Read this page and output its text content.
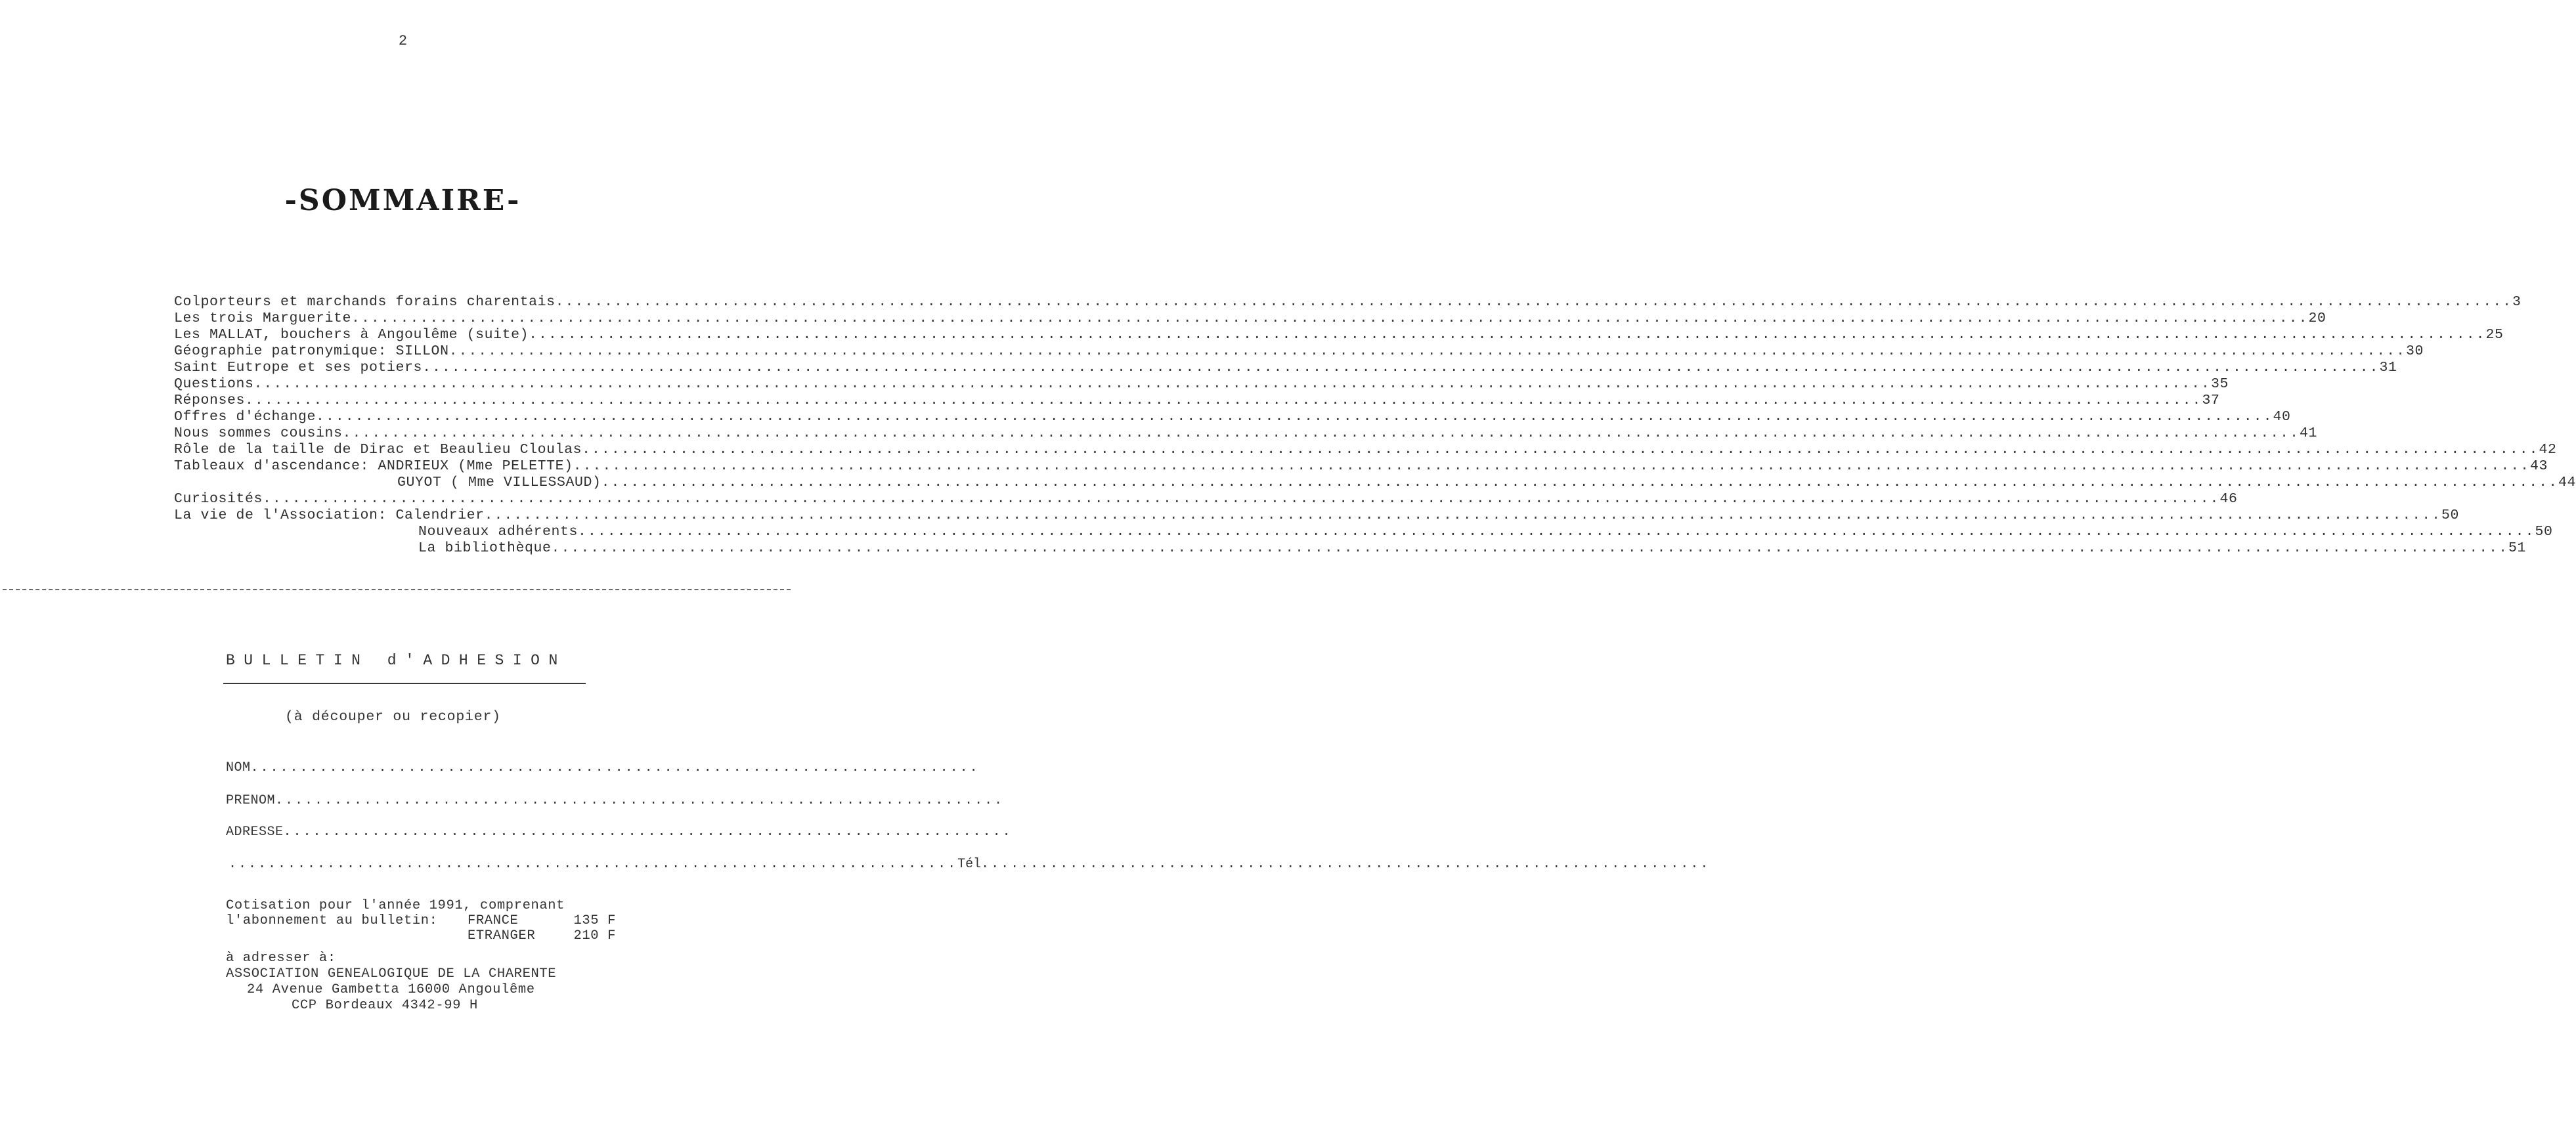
2
-SOMMAIRE-
Colporteurs et marchands forains charentais ........................................................................................................................................................................................................ 3
Les trois Marguerite ........................................................................................................................................................................................................ 20
Les MALLAT, bouchers à Angoulême (suite) ........................................................................................................................................................................................................ 25
Géographie patronymique: SILLON ........................................................................................................................................................................................................ 30
Saint Eutrope et ses potiers ........................................................................................................................................................................................................ 31
Questions ........................................................................................................................................................................................................ 35
Réponses ........................................................................................................................................................................................................ 37
Offres d'échange ........................................................................................................................................................................................................ 40
Nous sommes cousins ........................................................................................................................................................................................................ 41
Rôle de la taille de Dirac et Beaulieu Cloulas ........................................................................................................................................................................................................ 42
Tableaux d'ascendance: ANDRIEUX (Mme PELETTE) ........................................................................................................................................................................................................ 43
GUYOT ( Mme VILLESSAUD) ........................................................................................................................................................................................................ 44
Curiosités ........................................................................................................................................................................................................ 46
La vie de l'Association: Calendrier ........................................................................................................................................................................................................ 50
Nouveaux adhérents ........................................................................................................................................................................................................ 50
La bibliothèque ........................................................................................................................................................................................................ 51
BULLETIN d'ADHESION
(à découper ou recopier)
NOM ..........................................................................
PRENOM ..........................................................................
ADRESSE ..........................................................................
.......................................................................... Tél ..........................................................................
Cotisation pour l'année 1991, comprenant
l'abonnement au bulletin:	FRANCE	135 F
ETRANGER	210 F
à adresser à:
ASSOCIATION GENEALOGIQUE DE LA CHARENTE
24 Avenue Gambetta 16000 Angoulême
CCP Bordeaux 4342-99 H
